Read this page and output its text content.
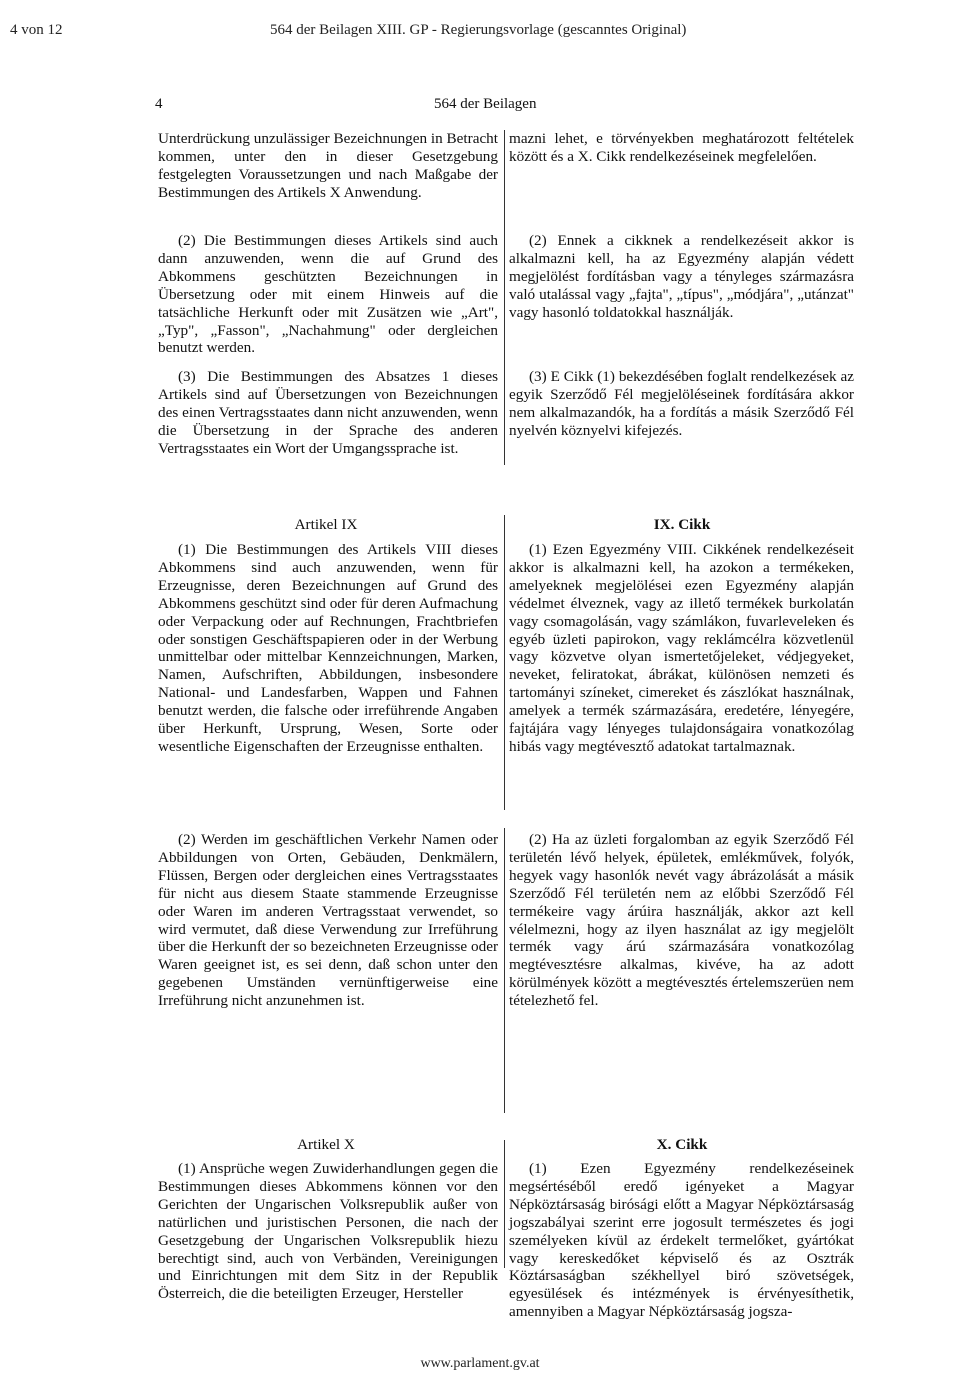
4 von 12	564 der Beilagen XIII. GP - Regierungsvorlage (gescanntes Original)
4	564 der Beilagen

Unterdrückung unzulässiger Bezeichnungen in Betracht kommen, unter den in dieser Gesetzgebung festgelegten Voraussetzungen und nach Maßgabe der Bestimmungen des Artikels X Anwendung.

(2) Die Bestimmungen dieses Artikels sind auch dann anzuwenden, wenn die auf Grund des Abkommens geschützten Bezeichnungen in Übersetzung oder mit einem Hinweis auf die tatsächliche Herkunft oder mit Zusätzen wie „Art", „Typ", „Fasson", „Nachahmung" oder dergleichen benutzt werden.

(3) Die Bestimmungen des Absatzes 1 dieses Artikels sind auf Übersetzungen von Bezeichnungen des einen Vertragsstaates dann nicht anzuwenden, wenn die Übersetzung in der Sprache des anderen Vertragsstaates ein Wort der Umgangssprache ist.

Artikel IX

(1) Die Bestimmungen des Artikels VIII dieses Abkommens sind auch anzuwenden, wenn für Erzeugnisse, deren Bezeichnungen auf Grund des Abkommens geschützt sind oder für deren Aufmachung oder Verpackung oder auf Rechnungen, Frachtbriefen oder sonstigen Geschäftspapieren oder in der Werbung unmittelbar oder mittelbar Kennzeichnungen, Marken, Namen, Aufschriften, Abbildungen, insbesondere National- und Landesfarben, Wappen und Fahnen benutzt werden, die falsche oder irreführende Angaben über Herkunft, Ursprung, Wesen, Sorte oder wesentliche Eigenschaften der Erzeugnisse enthalten.

(2) Werden im geschäftlichen Verkehr Namen oder Abbildungen von Orten, Gebäuden, Denkmälern, Flüssen, Bergen oder dergleichen eines Vertragsstaates für nicht aus diesem Staate stammende Erzeugnisse oder Waren im anderen Vertragsstaat verwendet, so wird vermutet, daß diese Verwendung zur Irreführung über die Herkunft der so bezeichneten Erzeugnisse oder Waren geeignet ist, es sei denn, daß schon unter den gegebenen Umständen vernünftigerweise eine Irreführung nicht anzunehmen ist.

Artikel X

(1) Ansprüche wegen Zuwiderhandlungen gegen die Bestimmungen dieses Abkommens können vor den Gerichten der Ungarischen Volksrepublik außer von natürlichen und juristischen Personen, die nach der Gesetzgebung der Ungarischen Volksrepublik hiezu berechtigt sind, auch von Verbänden, Vereinigungen und Einrichtungen mit dem Sitz in der Republik Österreich, die die beteiligten Erzeuger, Hersteller

mazni lehet, e törvényekben meghatározott feltételek között és a X. Cikk rendelkezéseinek megfelelően.

(2) Ennek a cikknek a rendelkezéseit akkor is alkalmazni kell, ha az Egyezmény alapján védett megjelölést fordításban vagy a tényleges származásra való utalással vagy „fajta", „típus", „módjára", „utánzat" vagy hasonló toldatokkal használják.

(3) E Cikk (1) bekezdésében foglalt rendelkezések az egyik Szerződő Fél megjelöléseinek fordítására akkor nem alkalmazandók, ha a fordítás a másik Szerződő Fél nyelvén köznyelvi kifejezés.

IX. Cikk

(1) Ezen Egyezmény VIII. Cikkének rendelkezéseit akkor is alkalmazni kell, ha azokon a termékeken, amelyeknek megjelölései ezen Egyezmény alapján védelmet élveznek, vagy az illető termékek burkolatán vagy csomagolásán, vagy számlákon, fuvarleveleken és egyéb üzleti papirokon, vagy reklámcélra közvetlenül vagy közvetve olyan ismertetőjeleket, védjegyeket, neveket, feliratokat, ábrákat, különösen nemzeti és tartományi színeket, cimereket és zászlókat használnak, amelyek a termék származására, eredetére, lényegére, fajtájára vagy lényeges tulajdonságaira vonatkozólag hibás vagy megtévesztő adatokat tartalmaznak.

(2) Ha az üzleti forgalomban az egyik Szerződő Fél területén lévő helyek, épületek, emlékművek, folyók, hegyek vagy hasonlók nevét vagy ábrázolását a másik Szerződő Fél területén nem az előbbi Szerződő Fél termékeire vagy árúira használják, akkor azt kell vélelmezni, hogy az ilyen használat az igy megjelölt termék vagy árú származására vonatkozólag megtévesztésre alkalmas, kivéve, ha az adott körülmények között a megtévesztés értelemszerüen nem tételezhető fel.

X. Cikk

(1) Ezen Egyezmény rendelkezéseinek megsértéséből eredő igényeket a Magyar Népköztársaság birósági előtt a Magyar Népköztársaság jogszabályai szerint erre jogosult természetes és jogi személyeken kívül az érdekelt termelőket, gyártókat vagy kereskedőket képviselő és az Osztrák Köztársaságban székhellyel biró szövetségek, egyesülések és intézmények is érvényesíthetik, amennyiben a Magyar Népköztársaság jogsza-

www.parlament.gv.at
